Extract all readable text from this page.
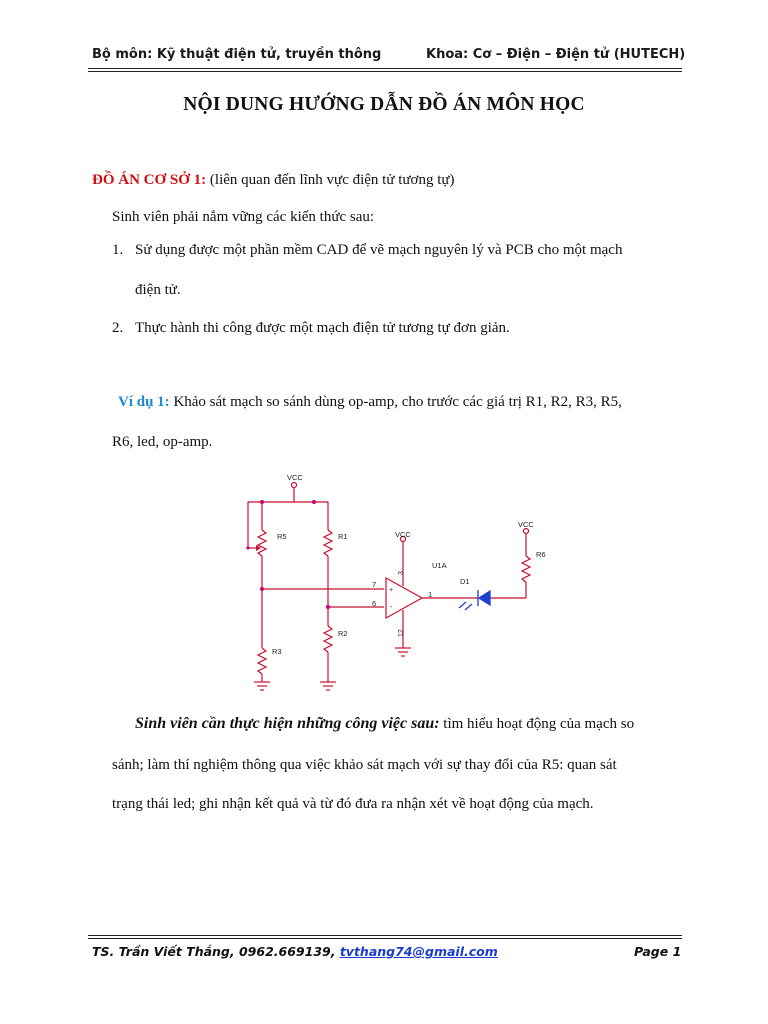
Bộ môn: Kỹ thuật điện tử, truyền thông	Khoa: Cơ – Điện – Điện tử (HUTECH)
NỘI DUNG HƯỚNG DẪN ĐỒ ÁN MÔN HỌC
ĐỒ ÁN CƠ SỞ 1: (liên quan đến lĩnh vực điện tử tương tự)
Sinh viên phải nắm vững các kiến thức sau:
1. Sử dụng được một phần mềm CAD để vẽ mạch nguyên lý và PCB cho một mạch
điện tử.
2. Thực hành thi công được một mạch điện tử tương tự đơn giản.
Ví dụ 1: Khảo sát mạch so sánh dùng op-amp, cho trước các giá trị R1, R2, R3, R5,
R6, led, op-amp.
VCC
VCC
VCC
R5	R1
R2
R3
R6
U1A
D1
7
6
1
3
12
+
-
Sinh viên cần thực hiện những công việc sau: tìm hiểu hoạt động của mạch so
sánh; làm thí nghiệm thông qua việc khảo sát mạch với sự thay đổi của R5: quan sát
trạng thái led; ghi nhận kết quả và từ đó đưa ra nhận xét về hoạt động của mạch.
TS. Trần Viết Thắng, 0962.669139, tvthang74@gmail.com	Page 1
